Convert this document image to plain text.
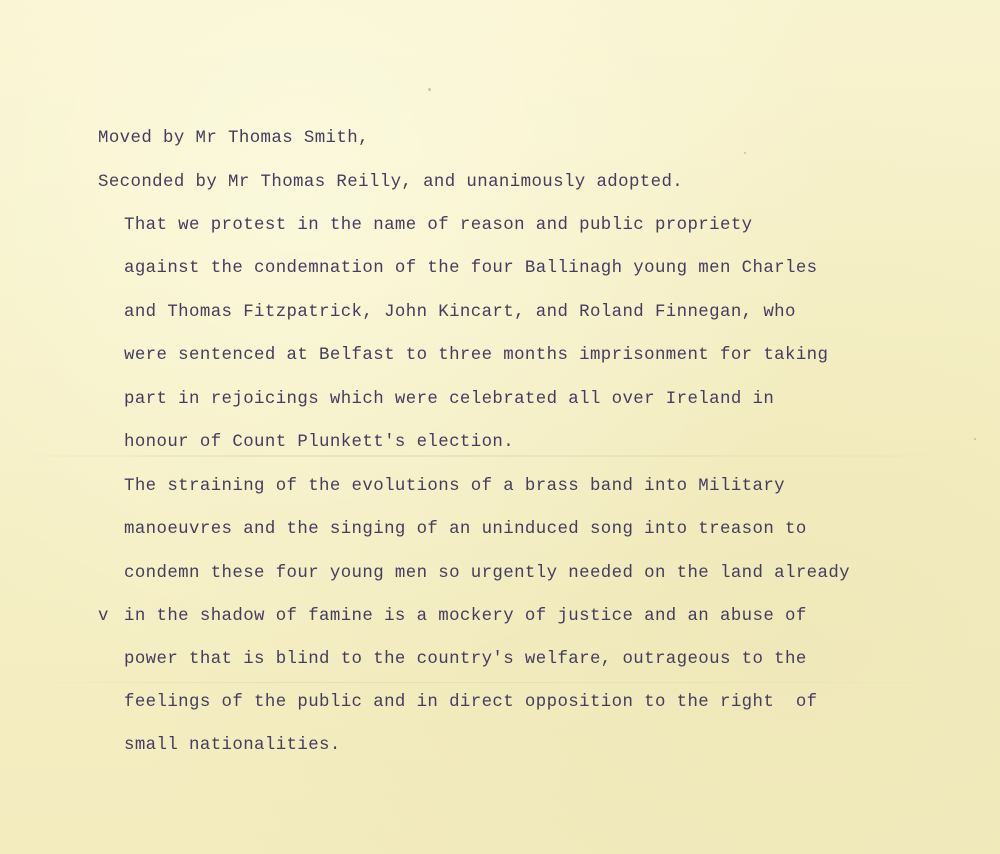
Moved by Mr Thomas Smith,

Seconded by Mr Thomas Reilly, and unanimously adopted.

That we protest in the name of reason and public propriety

against the condemnation of the four Ballinagh young men Charles

and Thomas Fitzpatrick, John Kincart, and Roland Finnegan, who

were sentenced at Belfast to three months imprisonment for taking

part in rejoicings which were celebrated all over Ireland in

honour of Count Plunkett's election.

The straining of the evolutions of a brass band into Military

manoeuvres and the singing of an uninduced song into treason to

condemn these four young men so urgently needed on the land already

v

in the shadow of famine is a mockery of justice and an abuse of

power that is blind to the country's welfare, outrageous to the

feelings of the public and in direct opposition to the right  of

small nationalities.
